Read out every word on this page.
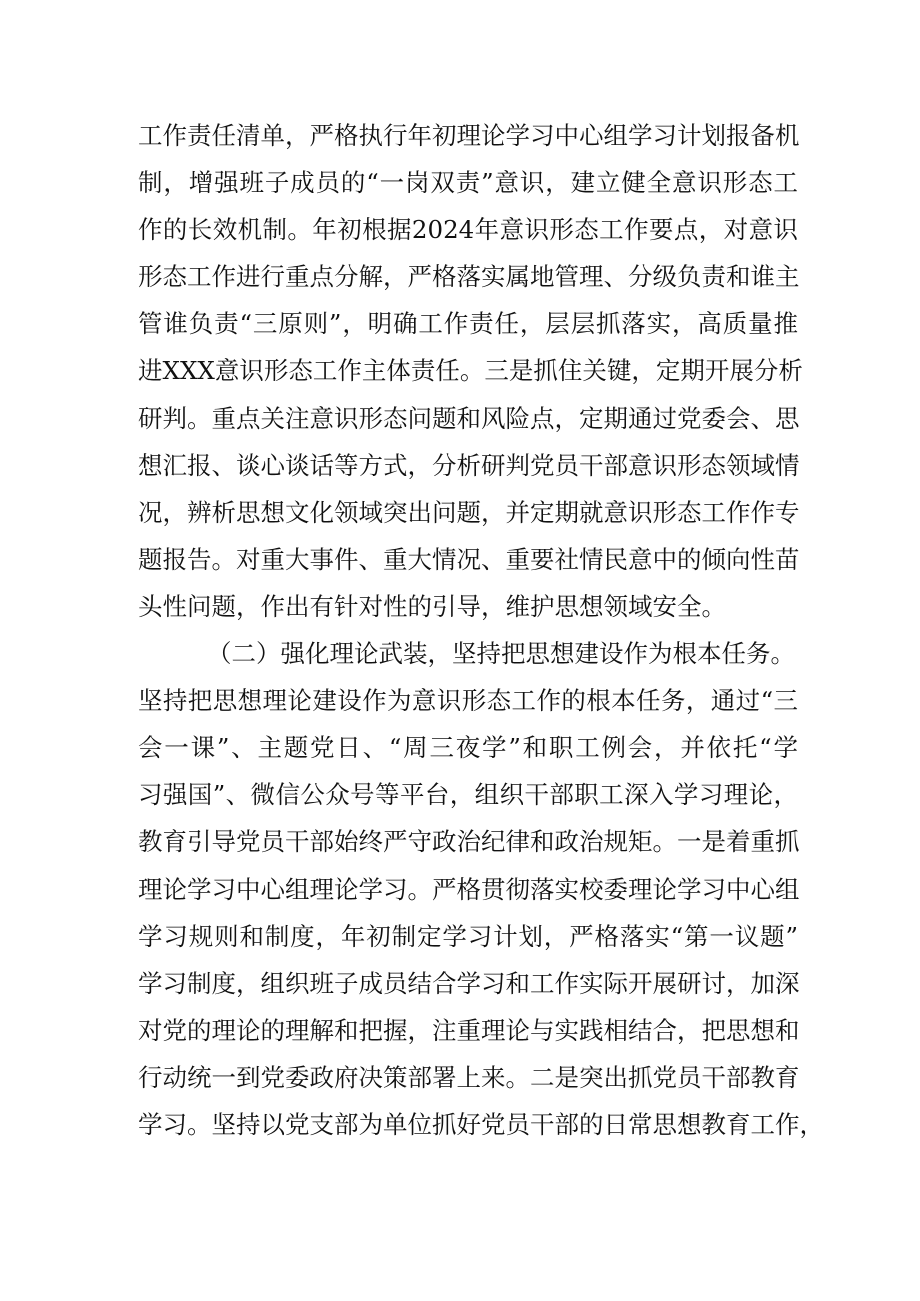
工作责任清单，严格执行年初理论学习中心组学习计划报备机
制，增强班子成员的“一岗双责”意识，建立健全意识形态工
作的长效机制。年初根据2024年意识形态工作要点，对意识
形态工作进行重点分解，严格落实属地管理、分级负责和谁主
管谁负责“三原则”，明确工作责任，层层抓落实，高质量推
进XXX意识形态工作主体责任。三是抓住关键，定期开展分析
研判。重点关注意识形态问题和风险点，定期通过党委会、思
想汇报、谈心谈话等方式，分析研判党员干部意识形态领域情
况，辨析思想文化领域突出问题，并定期就意识形态工作作专
题报告。对重大事件、重大情况、重要社情民意中的倾向性苗
头性问题，作出有针对性的引导，维护思想领域安全。
（二）强化理论武装，坚持把思想建设作为根本任务。
坚持把思想理论建设作为意识形态工作的根本任务，通过“三
会一课”、主题党日、“周三夜学”和职工例会，并依托“学
习强国”、微信公众号等平台，组织干部职工深入学习理论，
教育引导党员干部始终严守政治纪律和政治规矩。一是着重抓
理论学习中心组理论学习。严格贯彻落实校委理论学习中心组
学习规则和制度，年初制定学习计划，严格落实“第一议题”
学习制度，组织班子成员结合学习和工作实际开展研讨，加深
对党的理论的理解和把握，注重理论与实践相结合，把思想和
行动统一到党委政府决策部署上来。二是突出抓党员干部教育
学习。坚持以党支部为单位抓好党员干部的日常思想教育工作，
